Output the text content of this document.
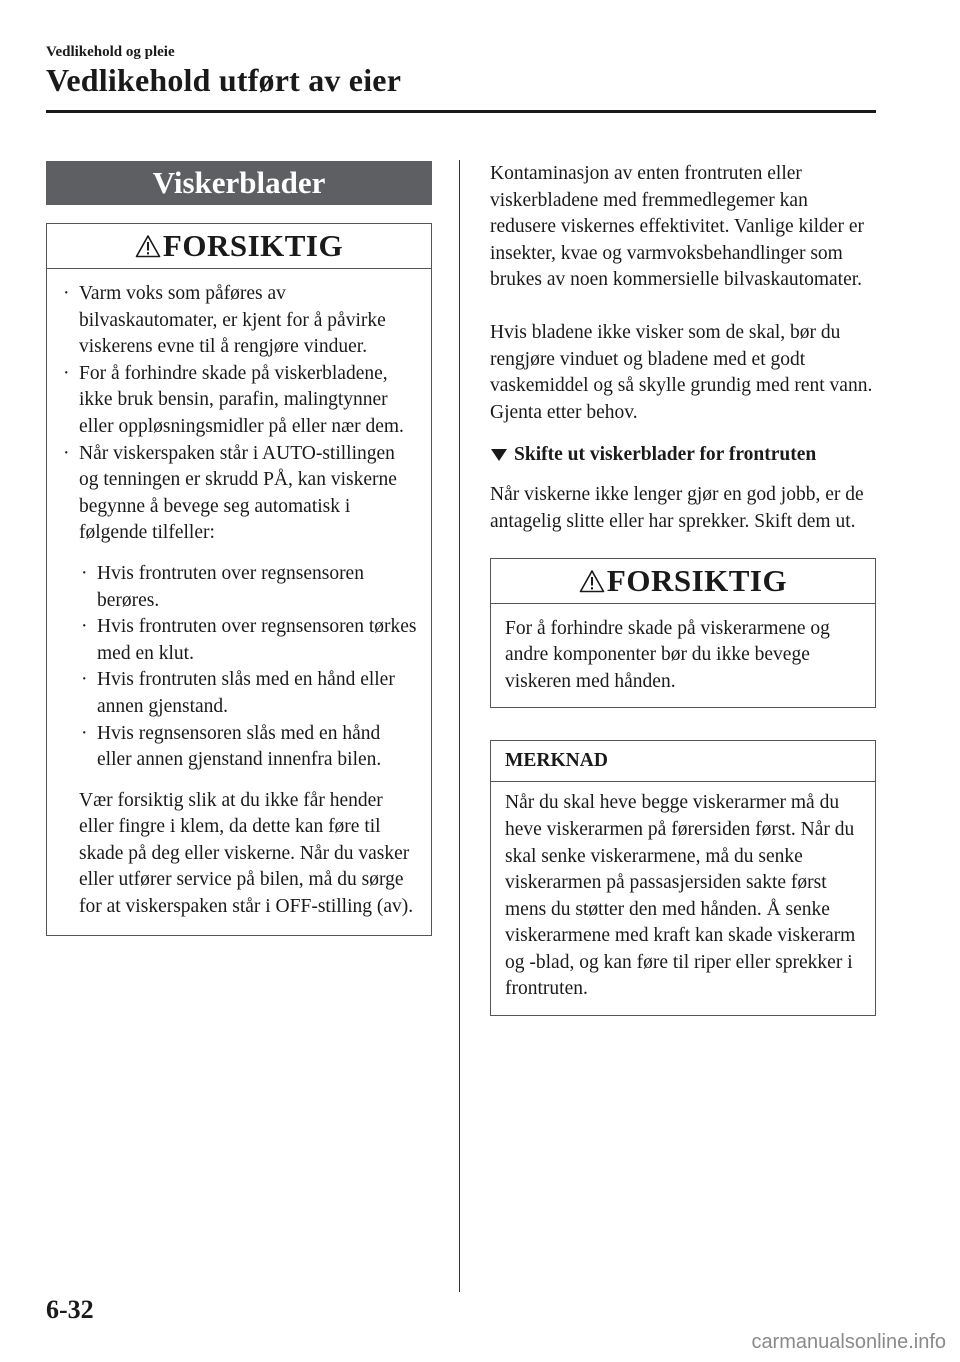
Vedlikehold og pleie
Vedlikehold utført av eier
Viskerblader
FORSIKTIG
· Varm voks som påføres av bilvaskautomater, er kjent for å påvirke viskerens evne til å rengjøre vinduer.
· For å forhindre skade på viskerbladene, ikke bruk bensin, parafin, malingtynner eller oppløsningsmidler på eller nær dem.
· Når viskerspaken står i AUTO-stillingen og tenningen er skrudd PÅ, kan viskerne begynne å bevege seg automatisk i følgende tilfeller:
· Hvis frontruten over regnsensoren berøres.
· Hvis frontruten over regnsensoren tørkes med en klut.
· Hvis frontruten slås med en hånd eller annen gjenstand.
· Hvis regnsensoren slås med en hånd eller annen gjenstand innenfra bilen.
Vær forsiktig slik at du ikke får hender eller fingre i klem, da dette kan føre til skade på deg eller viskerne. Når du vasker eller utfører service på bilen, må du sørge for at viskerspaken står i OFF-stilling (av).
Kontaminasjon av enten frontruten eller viskerbladene med fremmedlegemer kan redusere viskernes effektivitet. Vanlige kilder er insekter, kvae og varmvoksbehandlinger som brukes av noen kommersielle bilvaskautomater.
Hvis bladene ikke visker som de skal, bør du rengjøre vinduet og bladene med et godt vaskemiddel og så skylle grundig med rent vann. Gjenta etter behov.
Skifte ut viskerblader for frontruten
Når viskerne ikke lenger gjør en god jobb, er de antagelig slitte eller har sprekker. Skift dem ut.
FORSIKTIG
For å forhindre skade på viskerarmene og andre komponenter bør du ikke bevege viskeren med hånden.
MERKNAD
Når du skal heve begge viskerarmer må du heve viskerarmen på førersiden først. Når du skal senke viskerarmene, må du senke viskerarmen på passasjersiden sakte først mens du støtter den med hånden. Å senke viskerarmene med kraft kan skade viskerarm og -blad, og kan føre til riper eller sprekker i frontruten.
6-32
carmanualsonline.info
